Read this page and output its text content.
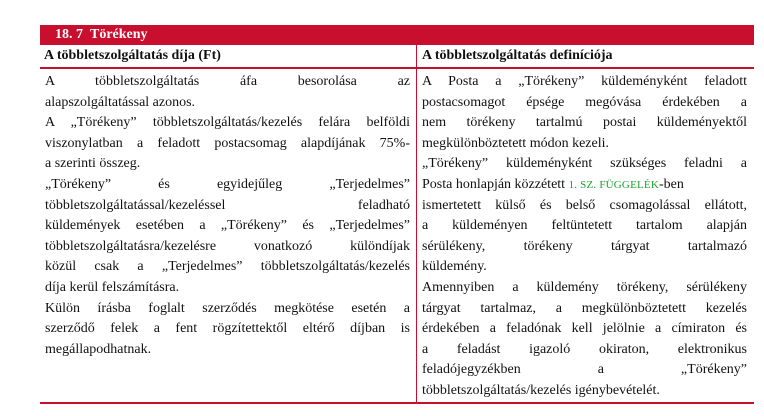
18. 7 Törékeny
A többletszolgáltatás díja (Ft)	A többletszolgáltatás definíciója
A többletszolgáltatás áfa besorolása az
alapszolgáltatással azonos.
A „Törékeny” többletszolgáltatás/kezelés felára belföldi
viszonylatban a feladott postacsomag alapdíjának 75%-
a szerinti összeg.
„Törékeny” és egyidejűleg „Terjedelmes”
többletszolgáltatással/kezeléssel feladható
küldemények esetében a „Törékeny” és „Terjedelmes”
többletszolgáltatásra/kezelésre vonatkozó különdíjak
közül csak a „Terjedelmes” többletszolgáltatás/kezelés
díja kerül felszámításra.
Külön írásba foglalt szerződés megkötése esetén a
szerződő felek a fent rögzítettektől eltérő díjban is
megállapodhatnak.
A Posta a „Törékeny” küldeményként feladott
postacsomagot épsége megóvása érdekében a
nem törékeny tartalmú postai küldeményektől
megkülönböztetett módon kezeli.
„Törékeny” küldeményként szükséges feladni a
Posta honlapján közzétett 1. SZ. FÜGGELÉK-ben
ismertetett külső és belső csomagolással ellátott,
a küldeményen feltüntetett tartalom alapján
sérülékeny, törékeny tárgyat tartalmazó
küldemény.
Amennyiben a küldemény törékeny, sérülékeny
tárgyat tartalmaz, a megkülönböztetett kezelés
érdekében a feladónak kell jelölnie a címiraton és
a feladást igazoló okiraton, elektronikus
feladójegyzékben a „Törékeny”
többletszolgáltatás/kezelés igénybevételét.
